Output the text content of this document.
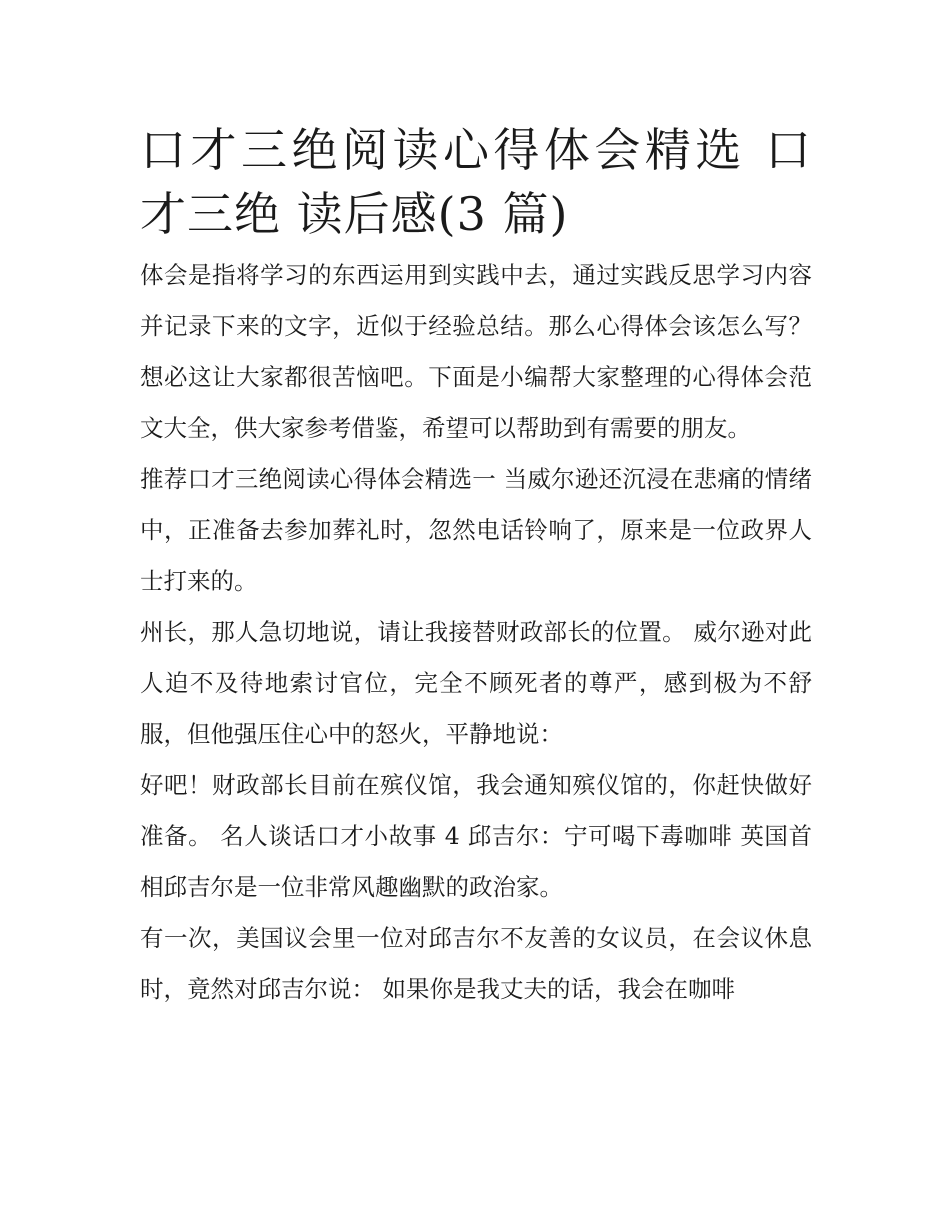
口才三绝阅读心得体会精选 口才三绝 读后感(3 篇)

体会是指将学习的东西运用到实践中去，通过实践反思学习内容并记录下来的文字，近似于经验总结。那么心得体会该怎么写？想必这让大家都很苦恼吧。下面是小编帮大家整理的心得体会范文大全，供大家参考借鉴，希望可以帮助到有需要的朋友。

推荐口才三绝阅读心得体会精选一 当威尔逊还沉浸在悲痛的情绪中，正准备去参加葬礼时，忽然电话铃响了，原来是一位政界人士打来的。

州长，那人急切地说，请让我接替财政部长的位置。 威尔逊对此人迫不及待地索讨官位，完全不顾死者的尊严，感到极为不舒服，但他强压住心中的怒火，平静地说：

好吧！财政部长目前在殡仪馆，我会通知殡仪馆的，你赶快做好准备。 名人谈话口才小故事 4 邱吉尔：宁可喝下毒咖啡 英国首相邱吉尔是一位非常风趣幽默的政治家。

有一次，美国议会里一位对邱吉尔不友善的女议员，在会议休息时，竟然对邱吉尔说： 如果你是我丈夫的话，我会在咖啡
